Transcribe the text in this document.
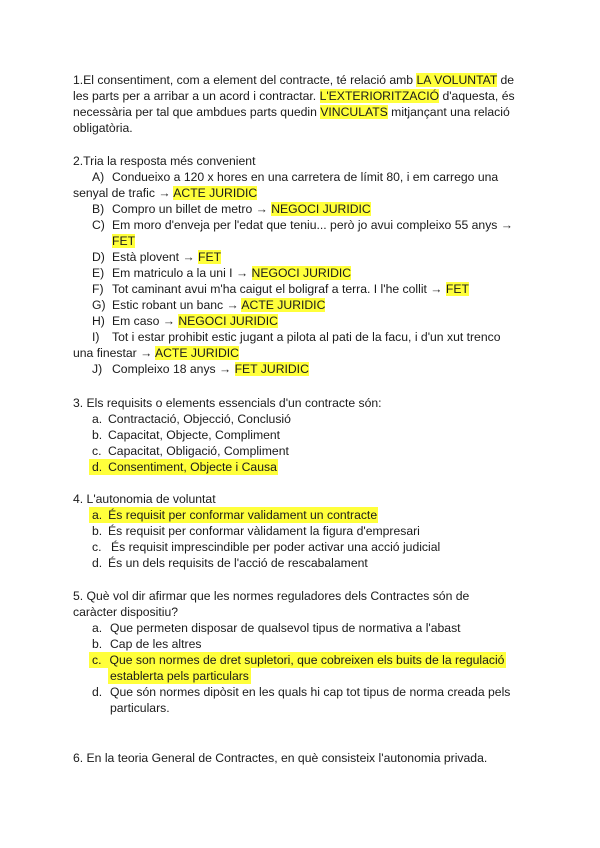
1.El consentiment, com a element del contracte, té relació amb LA VOLUNTAT de
les parts per a arribar a un acord i contractar. L'EXTERIORITZACIÓ d'aquesta, és
necessària per tal que ambdues parts quedin VINCULATS mitjançant una relació
obligatòria.
2.Tria la resposta més convenient
A) Condueixo a 120 x hores en una carretera de límit 80, i em carrego una
senyal de trafic → ACTE JURIDIC
B) Compro un billet de metro → NEGOCI JURIDIC
C) Em moro d'enveja per l'edat que teniu... però jo avui compleixo 55 anys →
FET
D) Està plovent → FET
E) Em matriculo a la uni I → NEGOCI JURIDIC
F) Tot caminant avui m'ha caigut el boligraf a terra. I l'he collit → FET
G) Estic robant un banc → ACTE JURIDIC
H) Em caso → NEGOCI JURIDIC
I) Tot i estar prohibit estic jugant a pilota al pati de la facu, i d'un xut trenco
una finestar → ACTE JURIDIC
J) Compleixo 18 anys → FET JURIDIC
3. Els requisits o elements essencials d'un contracte són:
a. Contractació, Objecció, Conclusió
b. Capacitat, Objecte, Compliment
c. Capacitat, Obligació, Compliment
d. Consentiment, Objecte i Causa
4. L'autonomia de voluntat
a. És requisit per conformar validament un contracte
b. És requisit per conformar vàlidament la figura d'empresari
c. És requisit imprescindible per poder activar una acció judicial
d. És un dels requisits de l'acció de rescabalament
5. Què vol dir afirmar que les normes reguladores dels Contractes són de
caràcter dispositiu?
a. Que permeten disposar de qualsevol tipus de normativa a l'abast
b. Cap de les altres
c. Que son normes de dret supletori, que cobreixen els buits de la regulació
establerta pels particulars
d. Que són normes dipòsit en les quals hi cap tot tipus de norma creada pels
particulars.
6. En la teoria General de Contractes, en què consisteix l'autonomia privada.
